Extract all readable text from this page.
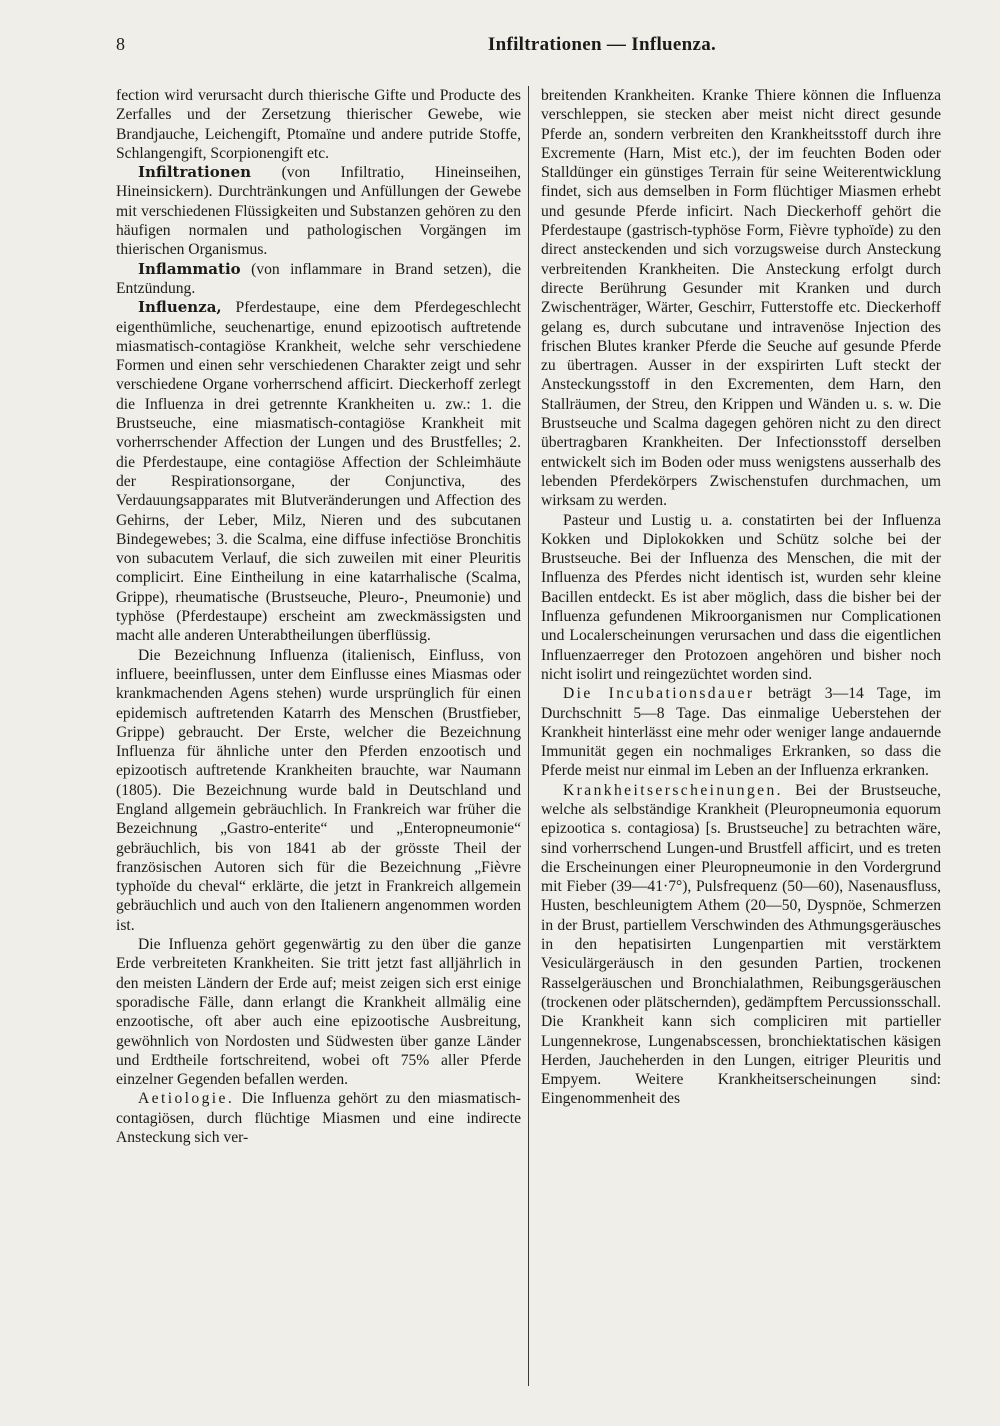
8	Infiltrationen — Influenza.

fection wird verursacht durch thierische Gifte und Producte des Zerfalles und der Zersetzung thierischer Gewebe, wie Brandjauche, Leichengift, Ptomaïne und andere putride Stoffe, Schlangengift, Scorpionengift etc.

Infiltrationen (von Infiltratio, Hineinseihen, Hineinsickern). Durchtränkungen und Anfüllungen der Gewebe mit verschiedenen Flüssigkeiten und Substanzen gehören zu den häufigen normalen und pathologischen Vorgängen im thierischen Organismus.

Inflammatio (von inflammare in Brand setzen), die Entzündung.

Influenza, Pferdestaupe, eine dem Pferdegeschlecht eigenthümliche, seuchenartige, enund epizootisch auftretende miasmatisch-contagiöse Krankheit, welche sehr verschiedene Formen und einen sehr verschiedenen Charakter zeigt und sehr verschiedene Organe vorherrschend afficirt. Dieckerhoff zerlegt die Influenza in drei getrennte Krankheiten u. zw.: 1. die Brustseuche, eine miasmatisch-contagiöse Krankheit mit vorherrschender Affection der Lungen und des Brustfelles; 2. die Pferdestaupe, eine contagiöse Affection der Schleimhäute der Respirationsorgane, der Conjunctiva, des Verdauungsapparates mit Blutveränderungen und Affection des Gehirns, der Leber, Milz, Nieren und des subcutanen Bindegewebes; 3. die Scalma, eine diffuse infectiöse Bronchitis von subacutem Verlauf, die sich zuweilen mit einer Pleuritis complicirt. Eine Eintheilung in eine katarrhalische (Scalma, Grippe), rheumatische (Brustseuche, Pleuro-, Pneumonie) und typhöse (Pferdestaupe) erscheint am zweckmässigsten und macht alle anderen Unterabtheilungen überflüssig.

Die Bezeichnung Influenza (italienisch, Einfluss, von influere, beeinflussen, unter dem Einflusse eines Miasmas oder krankmachenden Agens stehen) wurde ursprünglich für einen epidemisch auftretenden Katarrh des Menschen (Brustfieber, Grippe) gebraucht. Der Erste, welcher die Bezeichnung Influenza für ähnliche unter den Pferden enzootisch und epizootisch auftretende Krankheiten brauchte, war Naumann (1805). Die Bezeichnung wurde bald in Deutschland und England allgemein gebräuchlich. In Frankreich war früher die Bezeichnung „Gastro-enterite“ und „Enteropneumonie“ gebräuchlich, bis von 1841 ab der grösste Theil der französischen Autoren sich für die Bezeichnung „Fièvre typhoïde du cheval“ erklärte, die jetzt in Frankreich allgemein gebräuchlich und auch von den Italienern angenommen worden ist.

Die Influenza gehört gegenwärtig zu den über die ganze Erde verbreiteten Krankheiten. Sie tritt jetzt fast alljährlich in den meisten Ländern der Erde auf; meist zeigen sich erst einige sporadische Fälle, dann erlangt die Krankheit allmälig eine enzootische, oft aber auch eine epizootische Ausbreitung, gewöhnlich von Nordosten und Südwesten über ganze Länder und Erdtheile fortschreitend, wobei oft 75% aller Pferde einzelner Gegenden befallen werden.

Aetiologie. Die Influenza gehört zu den miasmatisch-contagiösen, durch flüchtige Miasmen und eine indirecte Ansteckung sich ver-

breitenden Krankheiten. Kranke Thiere können die Influenza verschleppen, sie stecken aber meist nicht direct gesunde Pferde an, sondern verbreiten den Krankheitsstoff durch ihre Excremente (Harn, Mist etc.), der im feuchten Boden oder Stalldünger ein günstiges Terrain für seine Weiterentwicklung findet, sich aus demselben in Form flüchtiger Miasmen erhebt und gesunde Pferde inficirt. Nach Dieckerhoff gehört die Pferdestaupe (gastrisch-typhöse Form, Fièvre typhoïde) zu den direct ansteckenden und sich vorzugsweise durch Ansteckung verbreitenden Krankheiten. Die Ansteckung erfolgt durch directe Berührung Gesunder mit Kranken und durch Zwischenträger, Wärter, Geschirr, Futterstoffe etc. Dieckerhoff gelang es, durch subcutane und intravenöse Injection des frischen Blutes kranker Pferde die Seuche auf gesunde Pferde zu übertragen. Ausser in der exspirirten Luft steckt der Ansteckungsstoff in den Excrementen, dem Harn, den Stallräumen, der Streu, den Krippen und Wänden u. s. w. Die Brustseuche und Scalma dagegen gehören nicht zu den direct übertragbaren Krankheiten. Der Infectionsstoff derselben entwickelt sich im Boden oder muss wenigstens ausserhalb des lebenden Pferdekörpers Zwischenstufen durchmachen, um wirksam zu werden.

Pasteur und Lustig u. a. constatirten bei der Influenza Kokken und Diplokokken und Schütz solche bei der Brustseuche. Bei der Influenza des Menschen, die mit der Influenza des Pferdes nicht identisch ist, wurden sehr kleine Bacillen entdeckt. Es ist aber möglich, dass die bisher bei der Influenza gefundenen Mikroorganismen nur Complicationen und Localerscheinungen verursachen und dass die eigentlichen Influenzaerreger den Protozoen angehören und bisher noch nicht isolirt und reingezüchtet worden sind.

Die Incubationsdauer beträgt 3—14 Tage, im Durchschnitt 5—8 Tage. Das einmalige Ueberstehen der Krankheit hinterlässt eine mehr oder weniger lange andauernde Immunität gegen ein nochmaliges Erkranken, so dass die Pferde meist nur einmal im Leben an der Influenza erkranken.

Krankheitserscheinungen. Bei der Brustseuche, welche als selbständige Krankheit (Pleuropneumonia equorum epizootica s. contagiosa) [s. Brustseuche] zu betrachten wäre, sind vorherrschend Lungen-und Brustfell afficirt, und es treten die Erscheinungen einer Pleuropneumonie in den Vordergrund mit Fieber (39—41·7°), Pulsfrequenz (50—60), Nasenausfluss, Husten, beschleunigtem Athem (20—50, Dyspnöe, Schmerzen in der Brust, partiellem Verschwinden des Athmungsgeräusches in den hepatisirten Lungenpartien mit verstärktem Vesiculärgeräusch in den gesunden Partien, trockenen Rasselgeräuschen und Bronchialathmen, Reibungsgeräuschen (trockenen oder plätschernden), gedämpftem Percussionsschall. Die Krankheit kann sich compliciren mit partieller Lungennekrose, Lungenabscessen, bronchiektatischen käsigen Herden, Jaucheherden in den Lungen, eitriger Pleuritis und Empyem. Weitere Krankheitserscheinungen sind: Eingenommenheit des
